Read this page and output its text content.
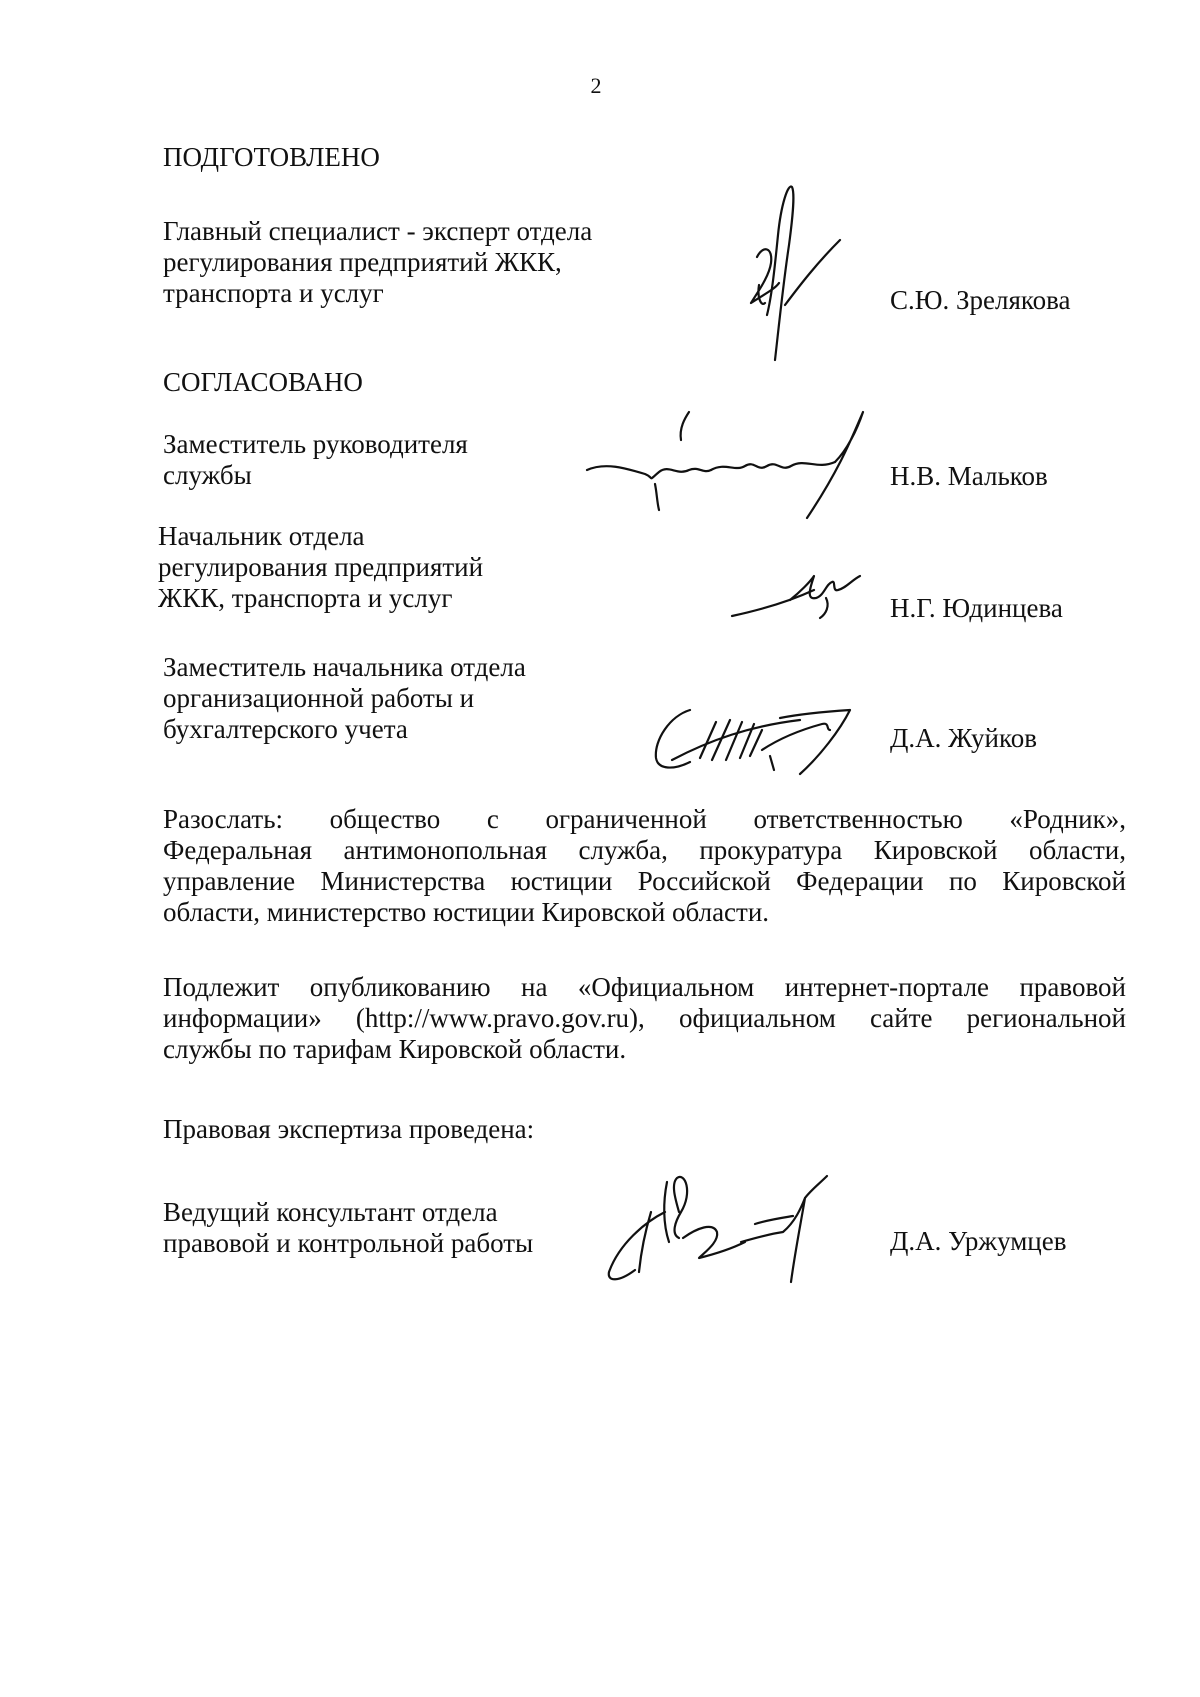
2
ПОДГОТОВЛЕНО
Главный специалист - эксперт отдела
регулирования предприятий ЖКК,
транспорта и услуг	С.Ю. Зрелякова
СОГЛАСОВАНО
Заместитель руководителя
службы	Н.В. Мальков
Начальник отдела
регулирования предприятий
ЖКК, транспорта и услуг	Н.Г. Юдинцева
Заместитель начальника отдела
организационной работы и
бухгалтерского учета	Д.А. Жуйков
Разослать: общество с ограниченной ответственностью «Родник»,
Федеральная антимонопольная служба, прокуратура Кировской области,
управление Министерства юстиции Российской Федерации по Кировской
области, министерство юстиции Кировской области.
Подлежит опубликованию на «Официальном интернет-портале правовой
информации» (http://www.pravo.gov.ru), официальном сайте региональной
службы по тарифам Кировской области.
Правовая экспертиза проведена:
Ведущий консультант отдела
правовой и контрольной работы	Д.А. Уржумцев
